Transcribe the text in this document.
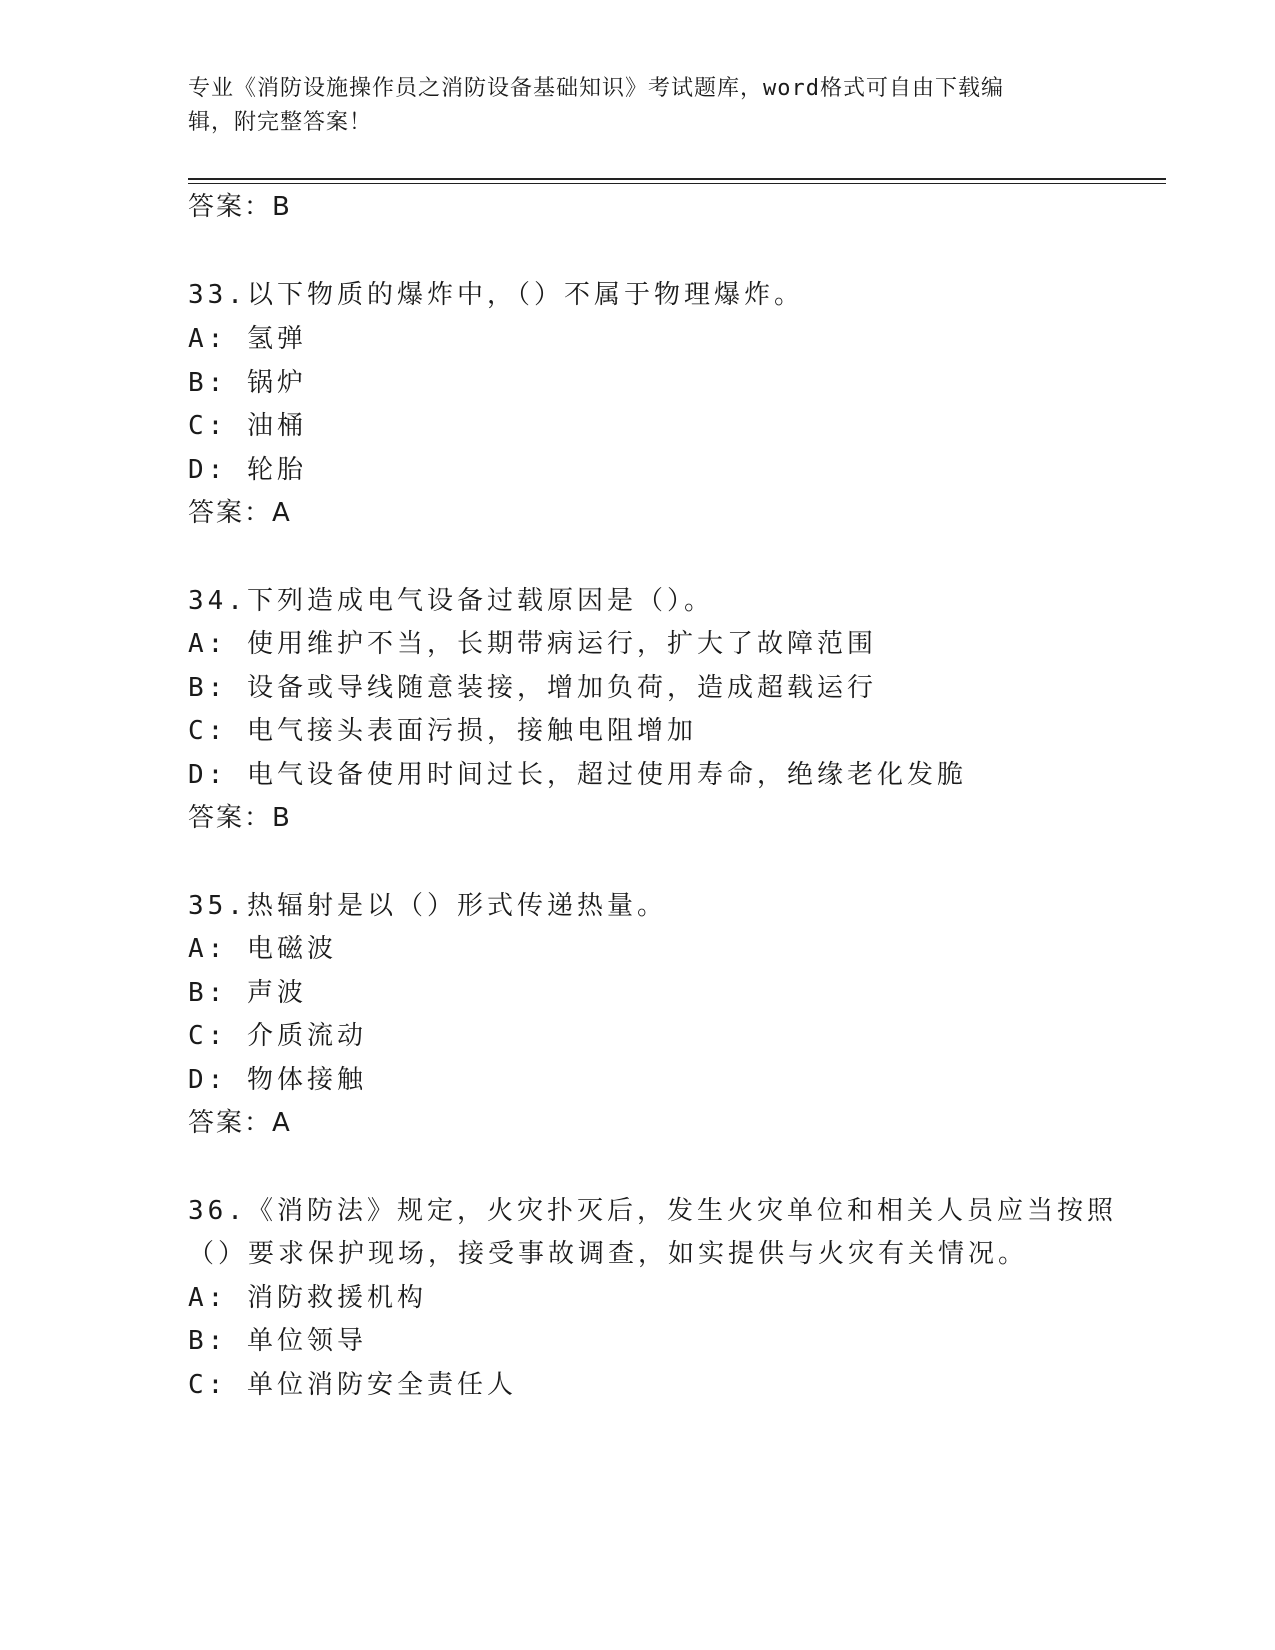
专业《消防设施操作员之消防设备基础知识》考试题库，word格式可自由下载编
辑，附完整答案！
答案：B
33.以下物质的爆炸中，（）不属于物理爆炸。
A: 氢弹
B: 锅炉
C: 油桶
D: 轮胎
答案：A
34.下列造成电气设备过载原因是（）。
A: 使用维护不当，长期带病运行，扩大了故障范围
B: 设备或导线随意装接，增加负荷，造成超载运行
C: 电气接头表面污损，接触电阻增加
D: 电气设备使用时间过长，超过使用寿命，绝缘老化发脆
答案：B
35.热辐射是以（）形式传递热量。
A: 电磁波
B: 声波
C: 介质流动
D: 物体接触
答案：A
36.《消防法》规定，火灾扑灭后，发生火灾单位和相关人员应当按照
（）要求保护现场，接受事故调查，如实提供与火灾有关情况。
A: 消防救援机构
B: 单位领导
C: 单位消防安全责任人
